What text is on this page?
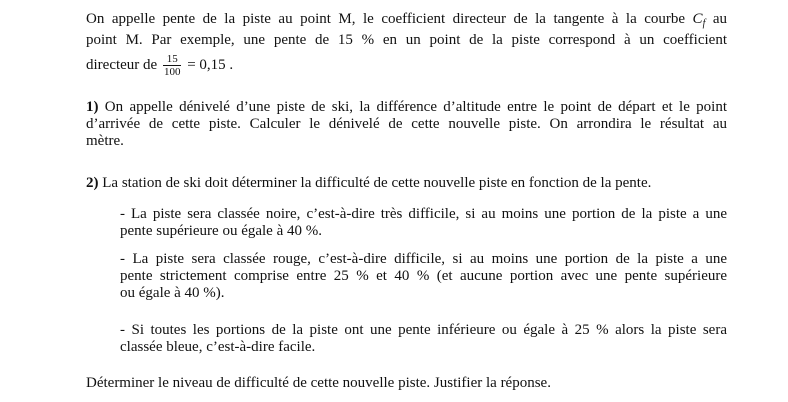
On appelle pente de la piste au point M, le coefficient directeur de la tangente à la courbe $C_f$ au
point M. Par exemple, une pente de 15 % en un point de la piste correspond à un coefficient
directeur de $\frac{15}{100} = 0,15$ .
1) On appelle dénivelé d’une piste de ski, la différence d’altitude entre le point de départ et le point
d’arrivée de cette piste. Calculer le dénivelé de cette nouvelle piste. On arrondira le résultat au
mètre.
2) La station de ski doit déterminer la difficulté de cette nouvelle piste en fonction de la pente.
- La piste sera classée noire, c’est-à-dire très difficile, si au moins une portion de la piste a une
pente supérieure ou égale à 40 %.
- La piste sera classée rouge, c’est-à-dire difficile, si au moins une portion de la piste a une
pente strictement comprise entre 25 % et 40 % (et aucune portion avec une pente supérieure
ou égale à 40 %).
- Si toutes les portions de la piste ont une pente inférieure ou égale à 25 % alors la piste sera
classée bleue, c’est-à-dire facile.
Déterminer le niveau de difficulté de cette nouvelle piste. Justifier la réponse.
